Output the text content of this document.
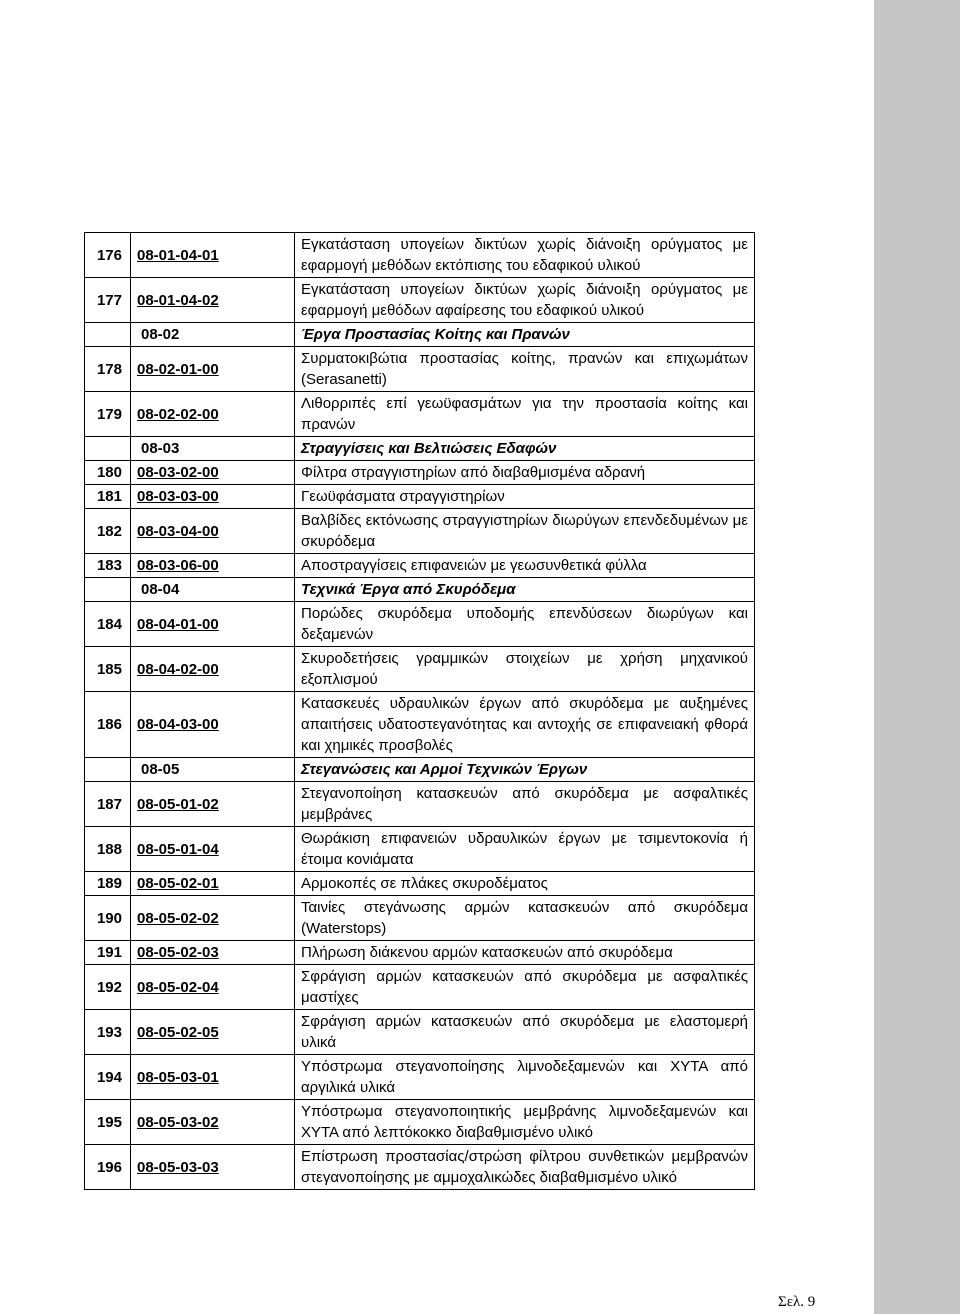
176	08-01-04-01	Εγκατάσταση υπογείων δικτύων χωρίς διάνοιξη ορύγματος με εφαρμογή μεθόδων εκτόπισης του εδαφικού υλικού
177	08-01-04-02	Εγκατάσταση υπογείων δικτύων χωρίς διάνοιξη ορύγματος με εφαρμογή μεθόδων αφαίρεσης του εδαφικού υλικού
	08-02	Έργα Προστασίας Κοίτης και Πρανών
178	08-02-01-00	Συρματοκιβώτια προστασίας κοίτης, πρανών και επιχωμάτων (Serasanetti)
179	08-02-02-00	Λιθορριπές επί γεωϋφασμάτων για την προστασία κοίτης και πρανών
	08-03	Στραγγίσεις και Βελτιώσεις Εδαφών
180	08-03-02-00	Φίλτρα στραγγιστηρίων από διαβαθμισμένα αδρανή
181	08-03-03-00	Γεωϋφάσματα στραγγιστηρίων
182	08-03-04-00	Βαλβίδες εκτόνωσης στραγγιστηρίων διωρύγων επενδεδυμένων με σκυρόδεμα
183	08-03-06-00	Αποστραγγίσεις επιφανειών με γεωσυνθετικά φύλλα
	08-04	Τεχνικά Έργα από Σκυρόδεμα
184	08-04-01-00	Πορώδες σκυρόδεμα υποδομής επενδύσεων διωρύγων και δεξαμενών
185	08-04-02-00	Σκυροδετήσεις γραμμικών στοιχείων με χρήση μηχανικού εξοπλισμού
186	08-04-03-00	Κατασκευές υδραυλικών έργων από σκυρόδεμα με αυξημένες απαιτήσεις υδατοστεγανότητας και αντοχής σε επιφανειακή φθορά και χημικές προσβολές
	08-05	Στεγανώσεις και Αρμοί Τεχνικών Έργων
187	08-05-01-02	Στεγανοποίηση κατασκευών από σκυρόδεμα με ασφαλτικές μεμβράνες
188	08-05-01-04	Θωράκιση επιφανειών υδραυλικών έργων με τσιμεντοκονία ή έτοιμα κονιάματα
189	08-05-02-01	Αρμοκοπές σε πλάκες σκυροδέματος
190	08-05-02-02	Ταινίες στεγάνωσης αρμών κατασκευών από σκυρόδεμα (Waterstops)
191	08-05-02-03	Πλήρωση διάκενου αρμών κατασκευών από σκυρόδεμα
192	08-05-02-04	Σφράγιση αρμών κατασκευών από σκυρόδεμα με ασφαλτικές μαστίχες
193	08-05-02-05	Σφράγιση αρμών κατασκευών από σκυρόδεμα με ελαστομερή υλικά
194	08-05-03-01	Υπόστρωμα στεγανοποίησης λιμνοδεξαμενών και ΧΥΤΑ από αργιλικά υλικά
195	08-05-03-02	Υπόστρωμα στεγανοποιητικής μεμβράνης λιμνοδεξαμενών και ΧΥΤΑ από λεπτόκοκκο διαβαθμισμένο υλικό
196	08-05-03-03	Επίστρωση προστασίας/στρώση φίλτρου συνθετικών μεμβρανών στεγανοποίησης με αμμοχαλικώδες διαβαθμισμένο υλικό
Σελ. 9
